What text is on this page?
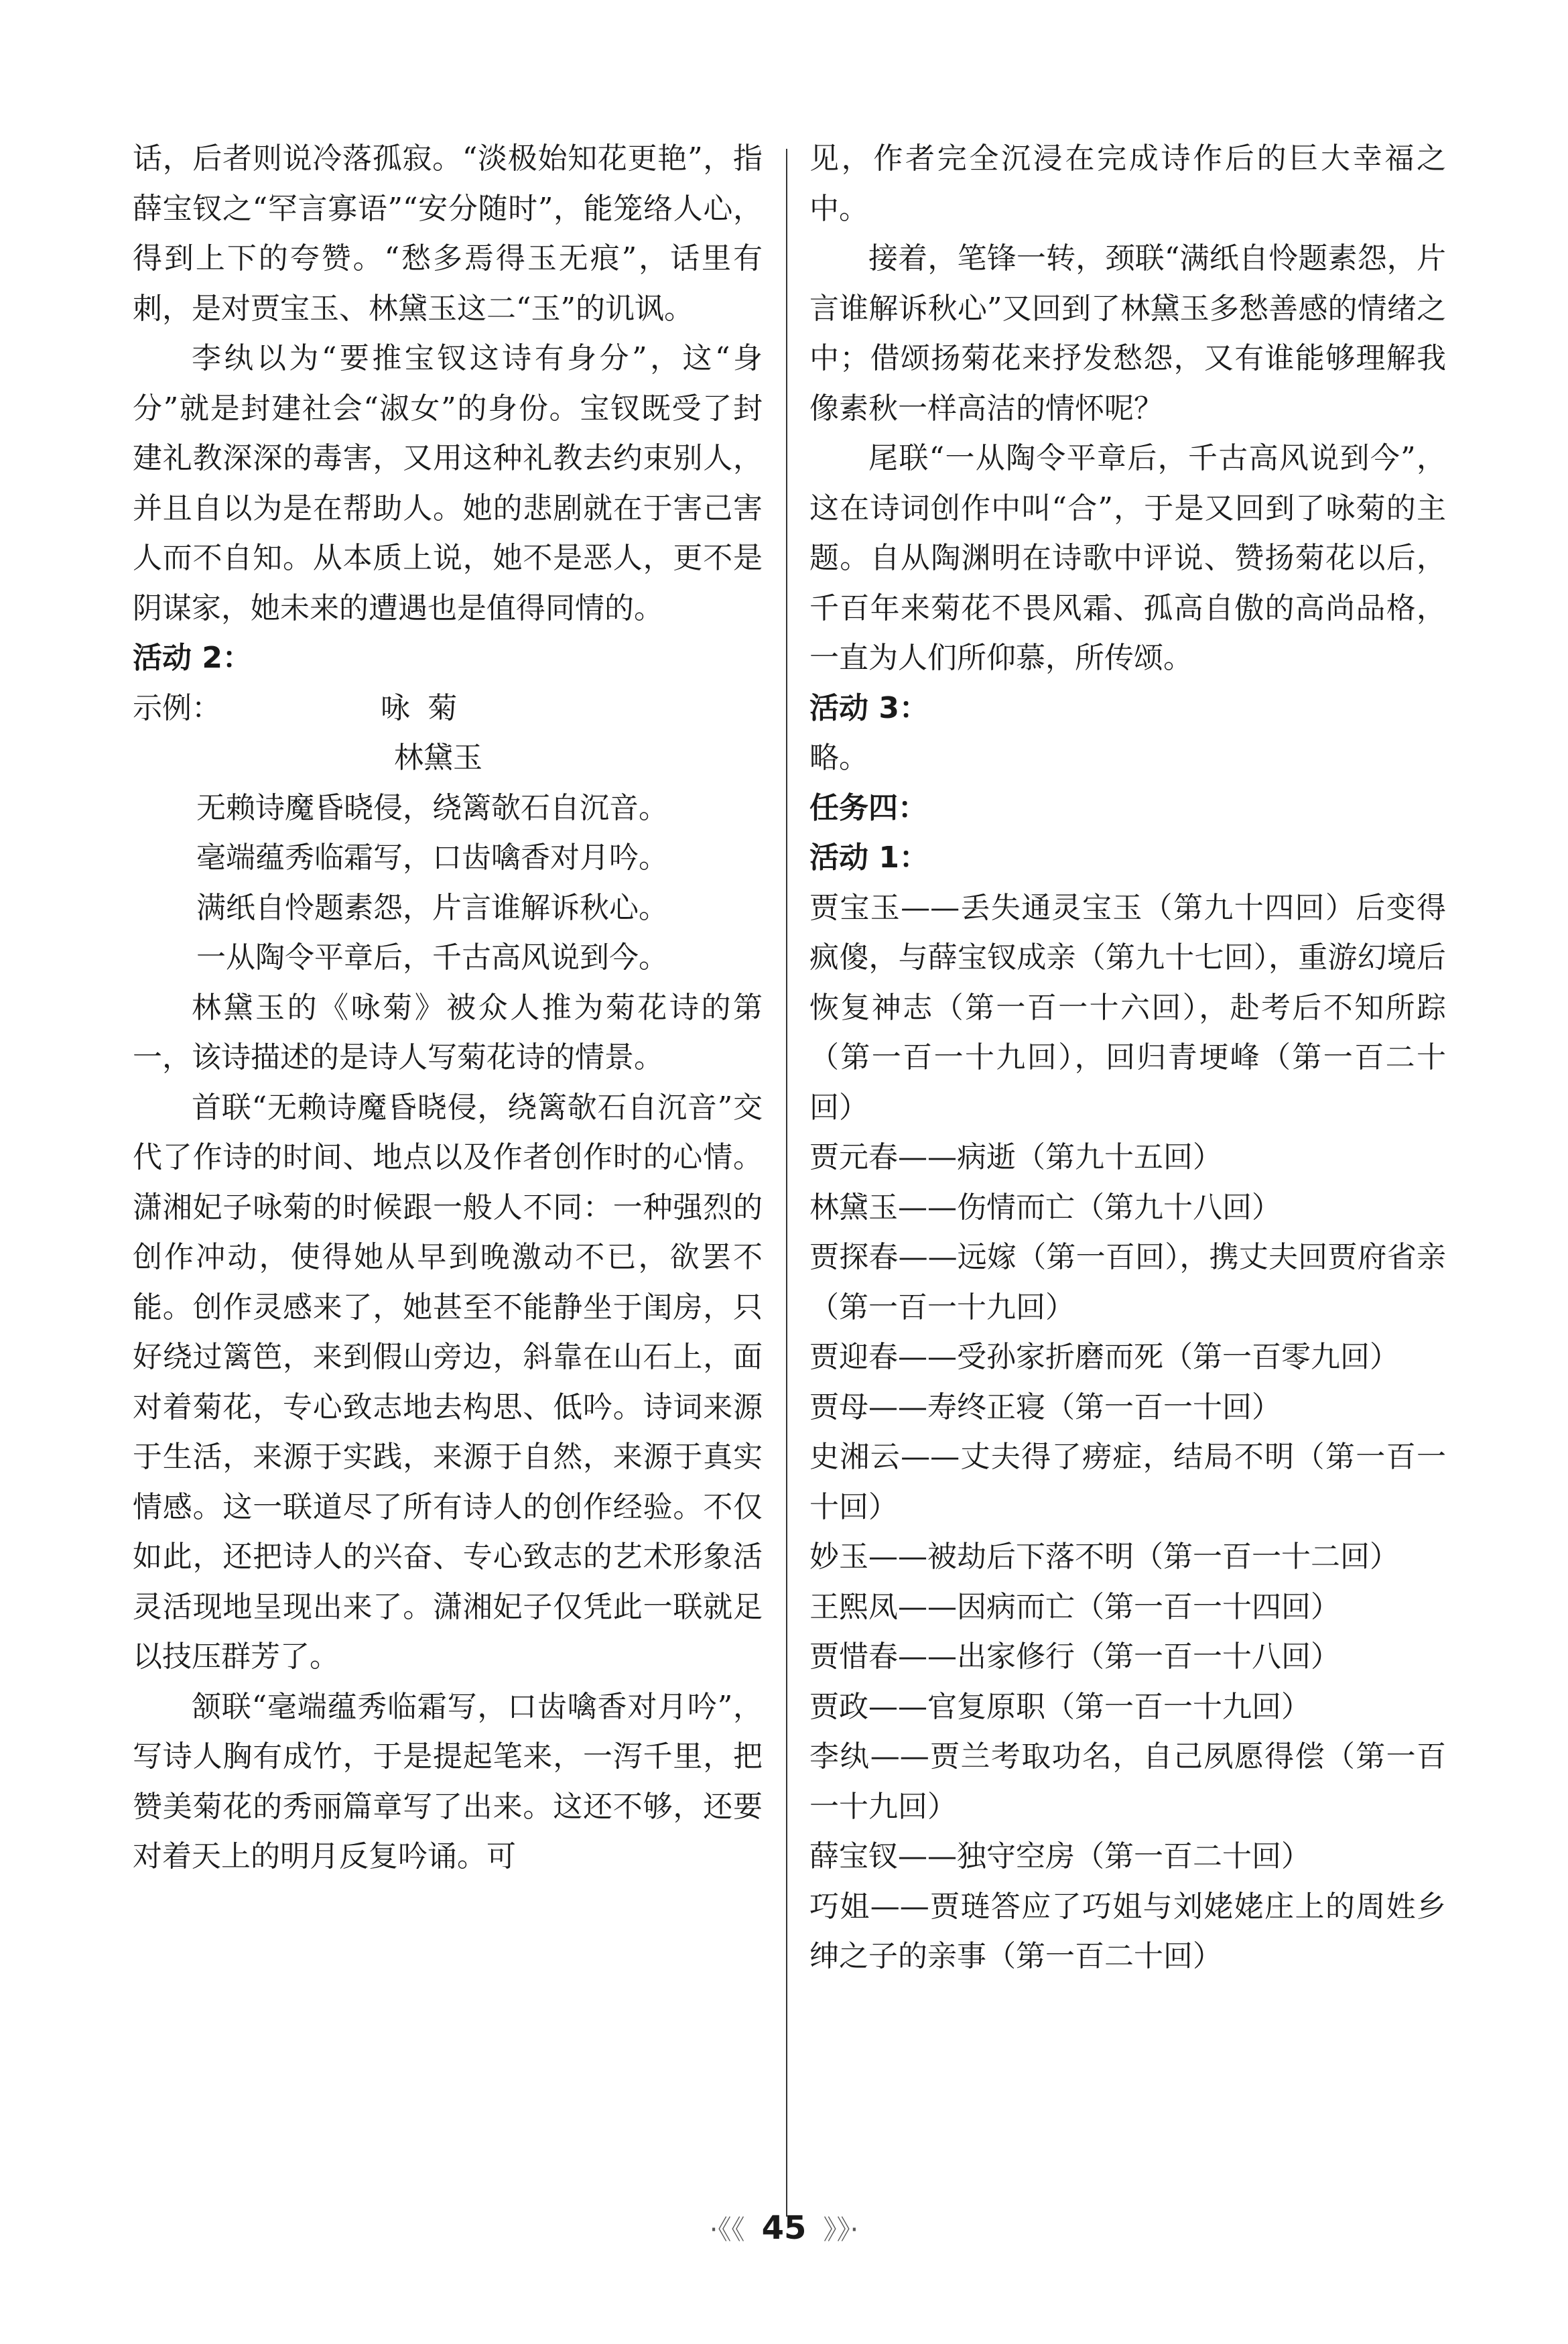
话，后者则说冷落孤寂。“淡极始知花更艳”，指薛宝钗之“罕言寡语”“安分随时”，能笼络人心，得到上下的夸赞。“愁多焉得玉无痕”，话里有刺，是对贾宝玉、林黛玉这二“玉”的讥讽。

李纨以为“要推宝钗这诗有身分”，这“身分”就是封建社会“淑女”的身份。宝钗既受了封建礼教深深的毒害，又用这种礼教去约束别人，并且自以为是在帮助人。她的悲剧就在于害己害人而不自知。从本质上说，她不是恶人，更不是阴谋家，她未来的遭遇也是值得同情的。

活动 2：

示例：	咏菊

林黛玉

无赖诗魔昏晓侵，绕篱欹石自沉音。

毫端蕴秀临霜写，口齿噙香对月吟。

满纸自怜题素怨，片言谁解诉秋心。

一从陶令平章后，千古高风说到今。

林黛玉的《咏菊》被众人推为菊花诗的第一，该诗描述的是诗人写菊花诗的情景。

首联“无赖诗魔昏晓侵，绕篱欹石自沉音”交代了作诗的时间、地点以及作者创作时的心情。潇湘妃子咏菊的时候跟一般人不同：一种强烈的创作冲动，使得她从早到晚激动不已，欲罢不能。创作灵感来了，她甚至不能静坐于闺房，只好绕过篱笆，来到假山旁边，斜靠在山石上，面对着菊花，专心致志地去构思、低吟。诗词来源于生活，来源于实践，来源于自然，来源于真实情感。这一联道尽了所有诗人的创作经验。不仅如此，还把诗人的兴奋、专心致志的艺术形象活灵活现地呈现出来了。潇湘妃子仅凭此一联就足以技压群芳了。

颔联“毫端蕴秀临霜写，口齿噙香对月吟”，写诗人胸有成竹，于是提起笔来，一泻千里，把赞美菊花的秀丽篇章写了出来。这还不够，还要对着天上的明月反复吟诵。可

见，作者完全沉浸在完成诗作后的巨大幸福之中。

接着，笔锋一转，颈联“满纸自怜题素怨，片言谁解诉秋心”又回到了林黛玉多愁善感的情绪之中；借颂扬菊花来抒发愁怨，又有谁能够理解我像素秋一样高洁的情怀呢？

尾联“一从陶令平章后，千古高风说到今”，这在诗词创作中叫“合”，于是又回到了咏菊的主题。自从陶渊明在诗歌中评说、赞扬菊花以后，千百年来菊花不畏风霜、孤高自傲的高尚品格，一直为人们所仰慕，所传颂。

活动 3：

略。

任务四：

活动 1：

贾宝玉——丢失通灵宝玉（第九十四回）后变得疯傻，与薛宝钗成亲（第九十七回），重游幻境后恢复神志（第一百一十六回），赴考后不知所踪（第一百一十九回），回归青埂峰（第一百二十回）

贾元春——病逝（第九十五回）

林黛玉——伤情而亡（第九十八回）

贾探春——远嫁（第一百回），携丈夫回贾府省亲（第一百一十九回）

贾迎春——受孙家折磨而死（第一百零九回）

贾母——寿终正寝（第一百一十回）

史湘云——丈夫得了痨症，结局不明（第一百一十回）

妙玉——被劫后下落不明（第一百一十二回）

王熙凤——因病而亡（第一百一十四回）

贾惜春——出家修行（第一百一十八回）

贾政——官复原职（第一百一十九回）

李纨——贾兰考取功名，自己夙愿得偿（第一百一十九回）

薛宝钗——独守空房（第一百二十回）

巧姐——贾琏答应了巧姐与刘姥姥庄上的周姓乡绅之子的亲事（第一百二十回）

·《《 45 》》·
